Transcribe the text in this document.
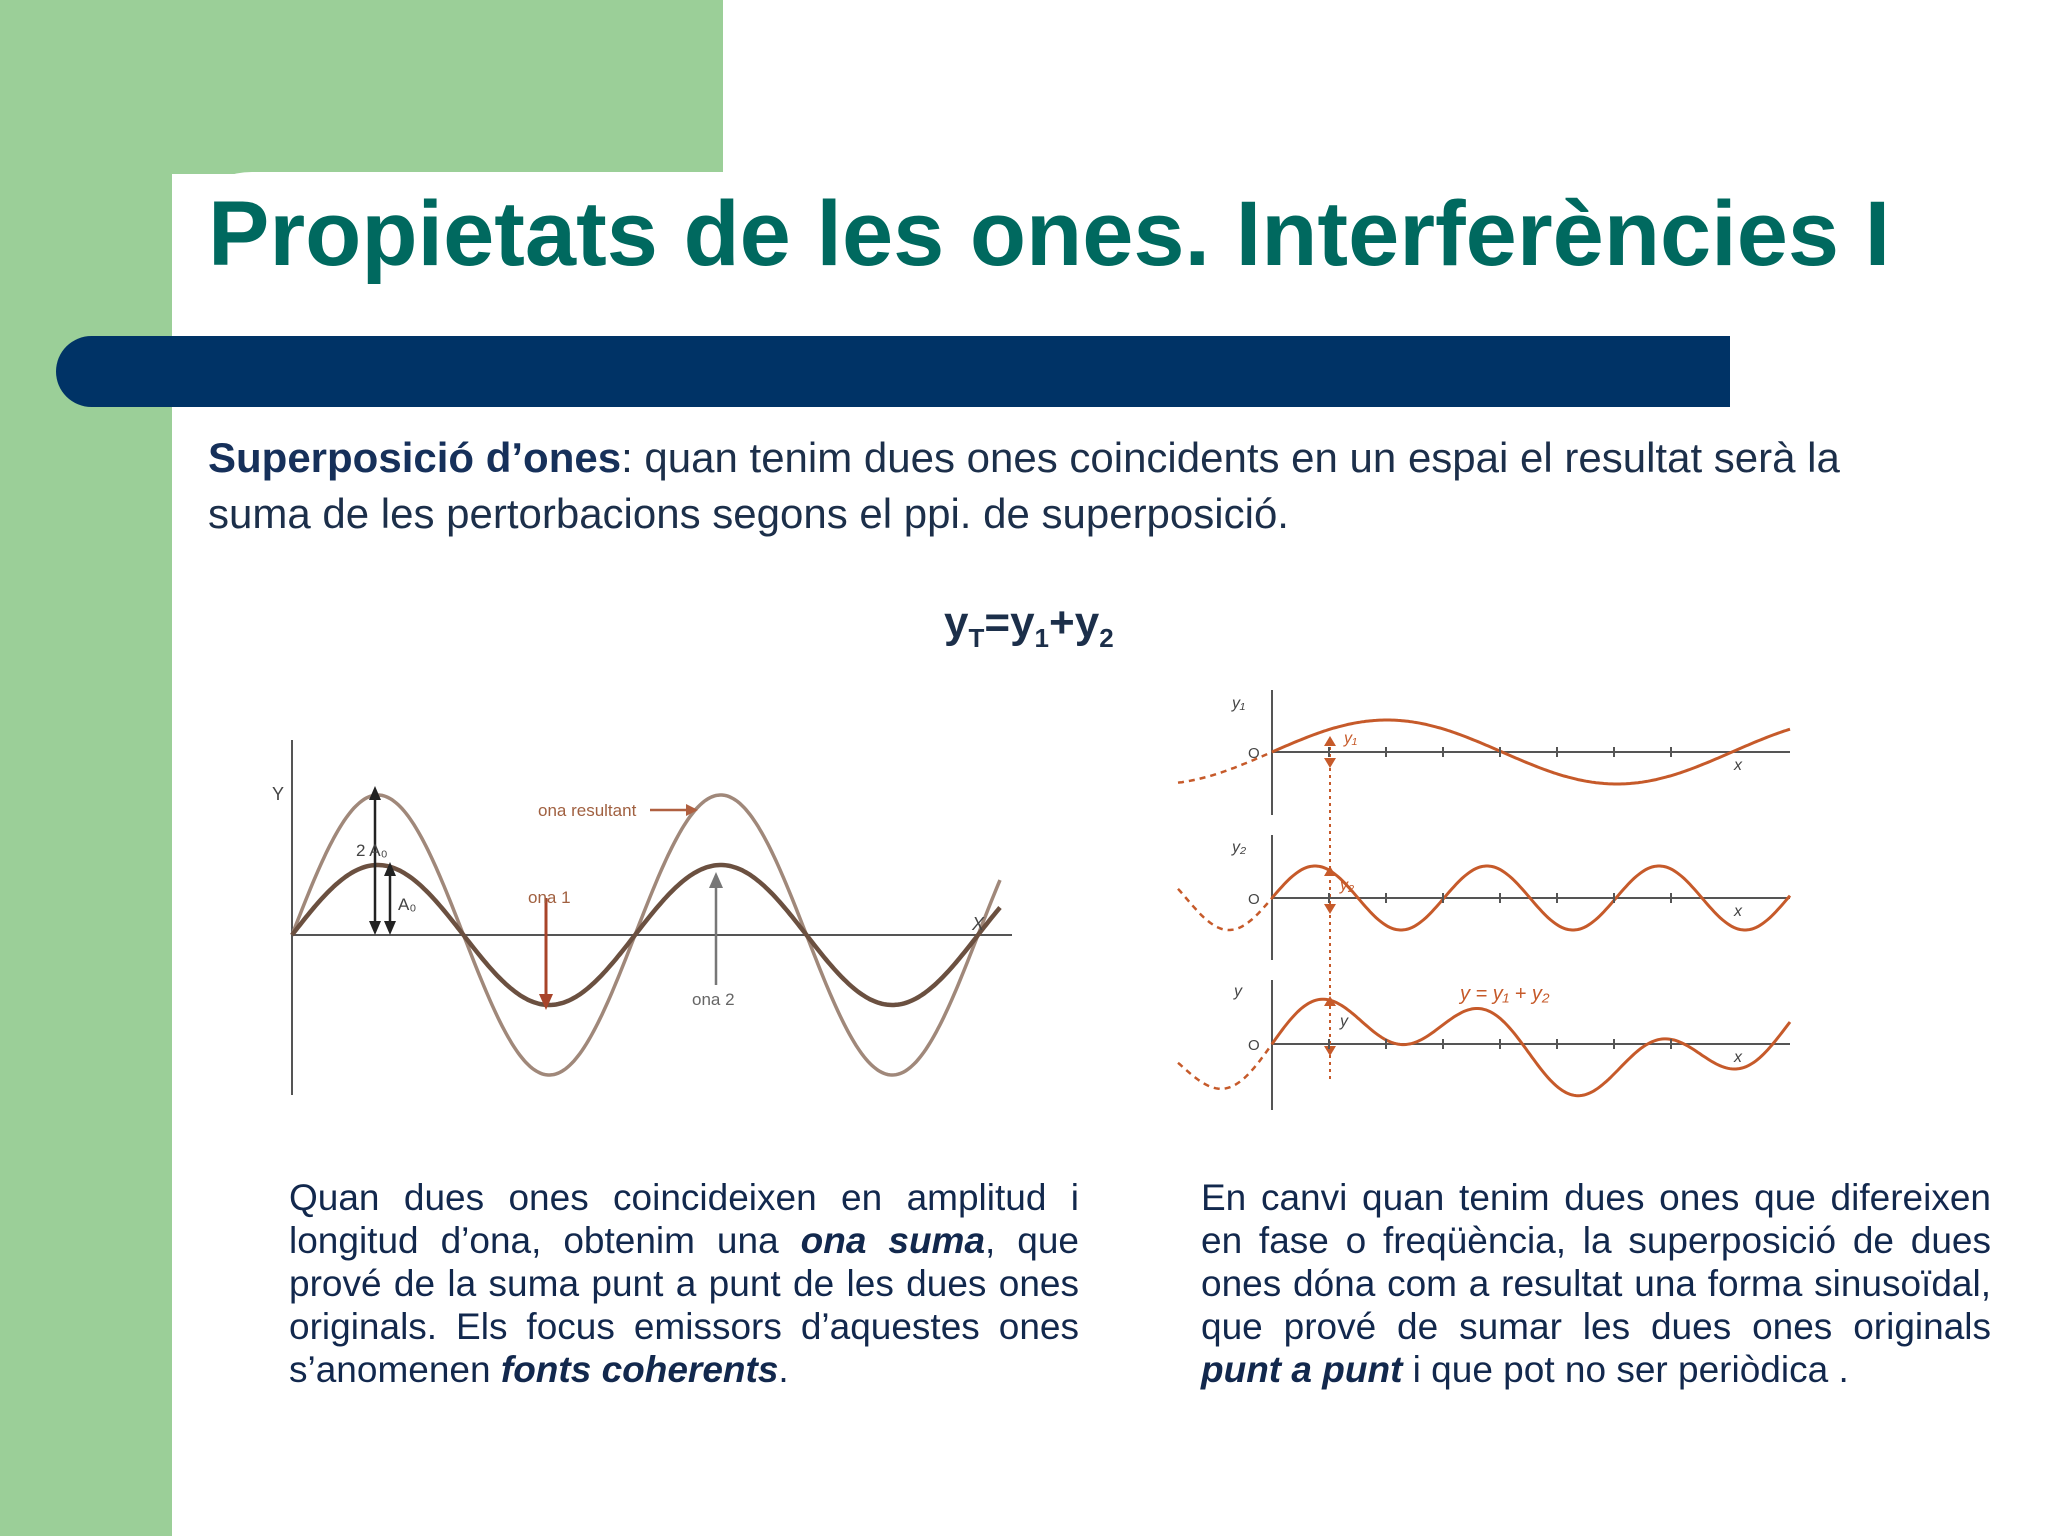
Propietats de les ones. Interferències I

Superposició d’ones: quan tenim dues ones coincidents en un espai el resultat serà la suma de les pertorbacions segons el ppi. de superposició.

$y_T=y_1+y_2$
Y
X
2 A₀
A₀
ona resultant
ona 1
ona 2
y₁
O
x
y₁
y₂
O
x
y₂
y
O
x
y
y = y₁ + y₂

Quan dues ones coincideixen en amplitud i longitud d’ona, obtenim una ona suma, que prové de la suma punt a punt de les dues ones originals. Els focus emissors d’aquestes ones s’anomenen fonts coherents.

En canvi quan tenim dues ones que difereixen en fase o freqüència, la superposició de dues ones dóna com a resultat una forma sinusoïdal, que prové de sumar les dues ones originals punt a punt i que pot no ser periòdica .
